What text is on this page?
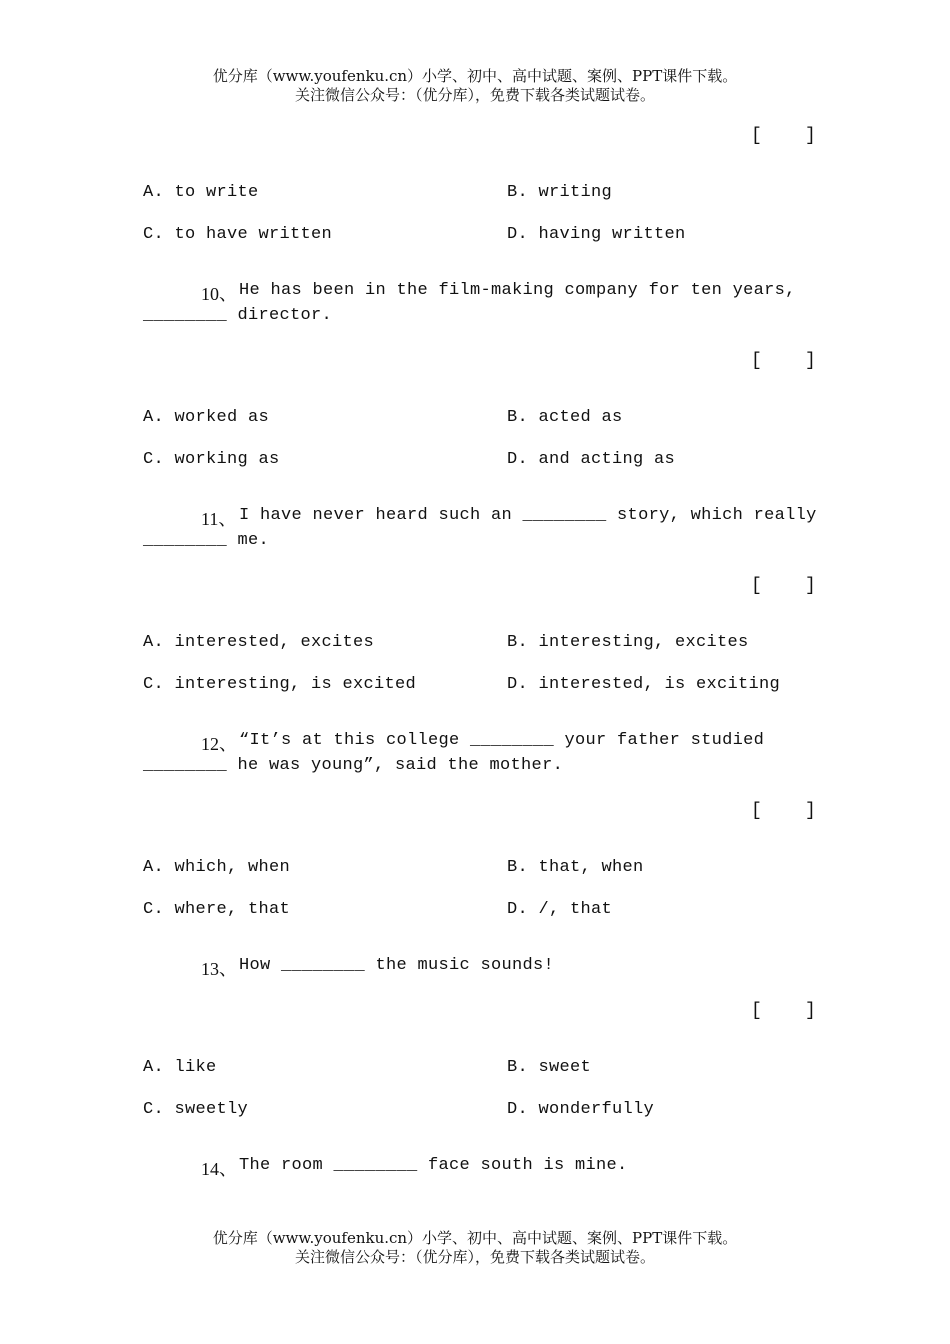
优分库（www.youfenku.cn）小学、初中、高中试题、案例、PPT课件下载。
关注微信公众号：（优分库），免费下载各类试题试卷。
[    ]
A. to write	B. writing
C. to have written	D. having written
10、 He has been in the film-making company for ten years,
________ director.
[    ]
A. worked as	B. acted as
C. working as	D. and acting as
11、 I have never heard such an ________ story, which really
________ me.
[    ]
A. interested, excites	B. interesting, excites
C. interesting, is excited	D. interested, is exciting
12、 “It’s at this college ________ your father studied
________ he was young”, said the mother.
[    ]
A. which, when	B. that, when
C. where, that	D. /, that
13、 How ________ the music sounds!
[    ]
A. like	B. sweet
C. sweetly	D. wonderfully
14、 The room ________ face south is mine.
优分库（www.youfenku.cn）小学、初中、高中试题、案例、PPT课件下载。
关注微信公众号：（优分库），免费下载各类试题试卷。
